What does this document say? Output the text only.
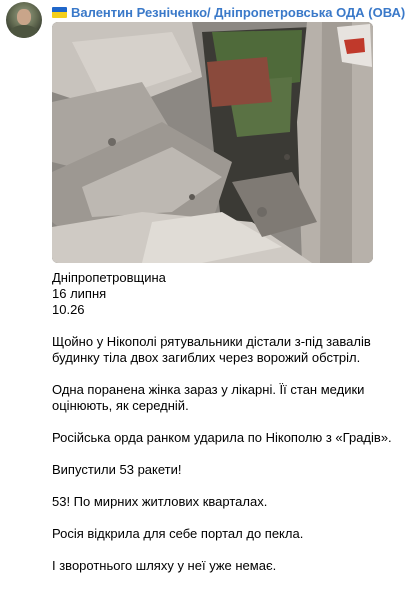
Валентин Резніченко/ Дніпропетровська ОДА (ОВА)

Дніпропетровщина

16 липня

10.26

Щойно у Нікополі рятувальники дістали з-під завалів будинку тіла двох загиблих через ворожий обстріл.

Одна поранена жінка зараз у лікарні. Її стан медики оцінюють, як середній.

Російська орда ранком ударила по Нікополю з «Градів».

Випустили 53 ракети!

53! По мирних житлових кварталах.

Росія відкрила для себе портал до пекла.

І зворотнього шляху у неї уже немає.
